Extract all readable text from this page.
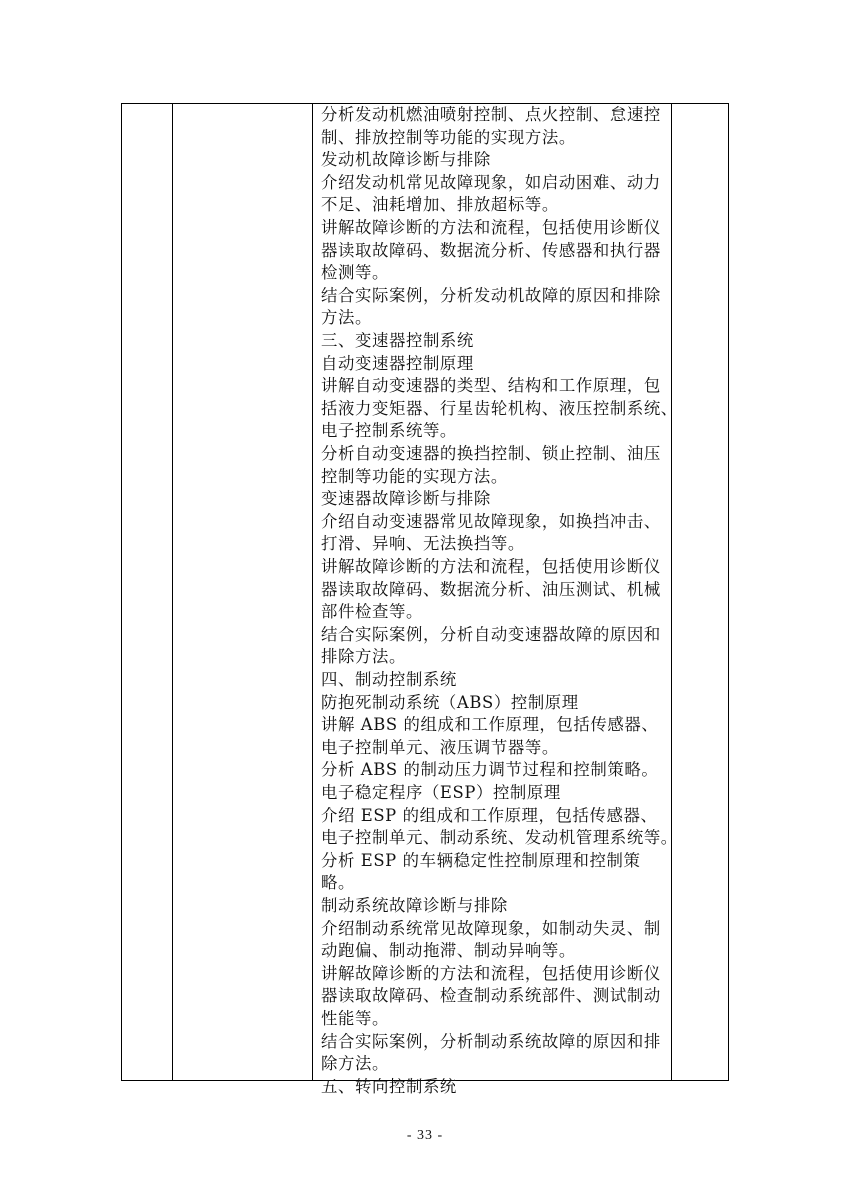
分析发动机燃油喷射控制、点火控制、怠速控
制、排放控制等功能的实现方法。
发动机故障诊断与排除
介绍发动机常见故障现象，如启动困难、动力
不足、油耗增加、排放超标等。
讲解故障诊断的方法和流程，包括使用诊断仪
器读取故障码、数据流分析、传感器和执行器
检测等。
结合实际案例，分析发动机故障的原因和排除
方法。
三、变速器控制系统
自动变速器控制原理
讲解自动变速器的类型、结构和工作原理，包
括液力变矩器、行星齿轮机构、液压控制系统、
电子控制系统等。
分析自动变速器的换挡控制、锁止控制、油压
控制等功能的实现方法。
变速器故障诊断与排除
介绍自动变速器常见故障现象，如换挡冲击、
打滑、异响、无法换挡等。
讲解故障诊断的方法和流程，包括使用诊断仪
器读取故障码、数据流分析、油压测试、机械
部件检查等。
结合实际案例，分析自动变速器故障的原因和
排除方法。
四、制动控制系统
防抱死制动系统（ABS）控制原理
讲解 ABS 的组成和工作原理，包括传感器、
电子控制单元、液压调节器等。
分析 ABS 的制动压力调节过程和控制策略。
电子稳定程序（ESP）控制原理
介绍 ESP 的组成和工作原理，包括传感器、
电子控制单元、制动系统、发动机管理系统等。
分析 ESP 的车辆稳定性控制原理和控制策
略。
制动系统故障诊断与排除
介绍制动系统常见故障现象，如制动失灵、制
动跑偏、制动拖滞、制动异响等。
讲解故障诊断的方法和流程，包括使用诊断仪
器读取故障码、检查制动系统部件、测试制动
性能等。
结合实际案例，分析制动系统故障的原因和排
除方法。
五、转向控制系统
- 33 -
